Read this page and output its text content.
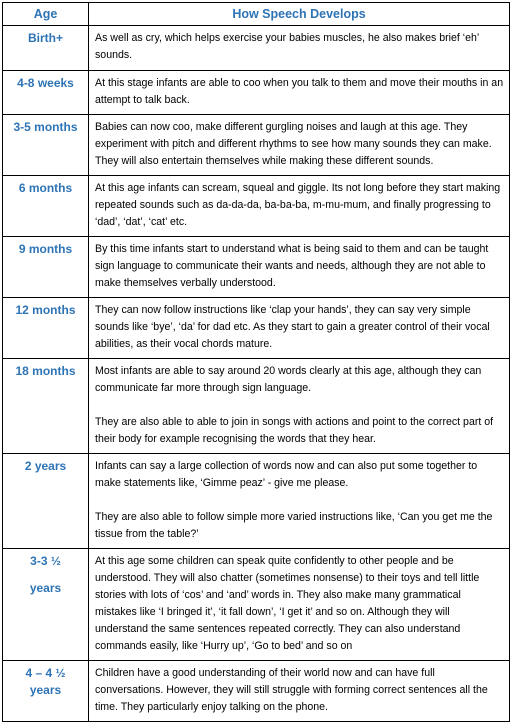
Age	How Speech Develops

Birth+	As well as cry, which helps exercise your babies muscles, he also makes brief ‘eh’ sounds.

4-8 weeks	At this stage infants are able to coo when you talk to them and move their mouths in an attempt to talk back.

3-5 months	Babies can now coo, make different gurgling noises and laugh at this age. They experiment with pitch and different rhythms to see how many sounds they can make. They will also entertain themselves while making these different sounds.

6 months	At this age infants can scream, squeal and giggle. Its not long before they start making repeated sounds such as da-da-da, ba-ba-ba, m-mu-mum, and finally progressing to ‘dad’, ‘dat’, ‘cat’ etc.

9 months	By this time infants start to understand what is being said to them and can be taught sign language to communicate their wants and needs, although they are not able to make themselves verbally understood.

12 months	They can now follow instructions like ‘clap your hands’, they can say very simple sounds like ‘bye’, ‘da’ for dad etc. As they start to gain a greater control of their vocal abilities, as their vocal chords mature.

18 months	Most infants are able to say around 20 words clearly at this age, although they can communicate far more through sign language.

They are also able to able to join in songs with actions and point to the correct part of their body for example recognising the words that they hear.

2 years	Infants can say a large collection of words now and can also put some together to make statements like, ‘Gimme peaz’ - give me please.

They are also able to follow simple more varied instructions like, ‘Can you get me the tissue from the table?’

3-3 ½
years	At this age some children can speak quite confidently to other people and be understood. They will also chatter (sometimes nonsense) to their toys and tell little stories with lots of ‘cos’ and ‘and’ words in. They also make many grammatical mistakes like ‘I bringed it’, ‘it fall down’, ‘I get it’ and so on. Although they will understand the same sentences repeated correctly. They can also understand commands easily, like ‘Hurry up’, ‘Go to bed’ and so on

4 – 4 ½
years	Children have a good understanding of their world now and can have full conversations. However, they will still struggle with forming correct sentences all the time. They particularly enjoy talking on the phone.
